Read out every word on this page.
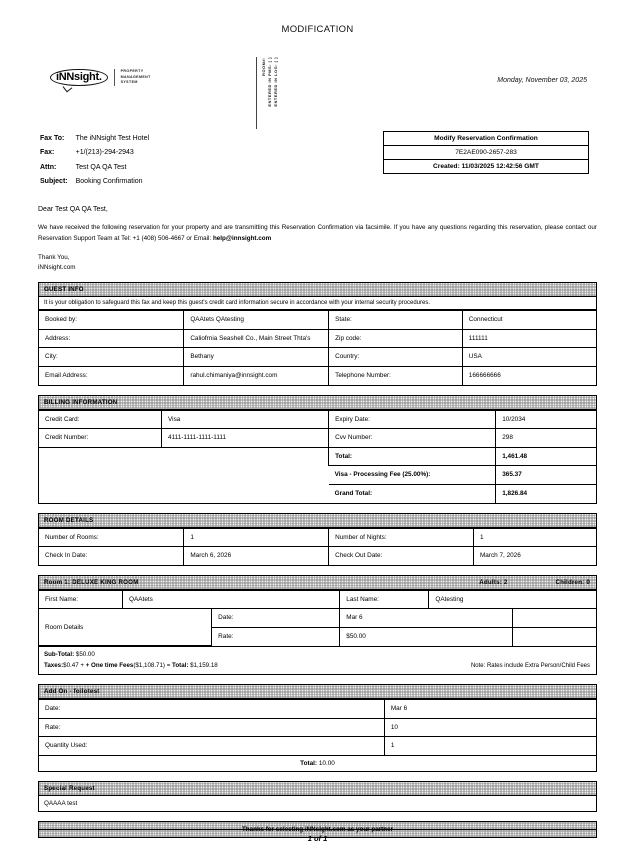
MODIFICATION
iNNsight.	PROPERTY
MANAGEMENT
SYSTEM
ROOM#: ENTERED IN PMS: [ ] ENTERED IN LOG: [ ]	Monday, November 03, 2025
Fax To:	The iNNsight Test Hotel
Fax:	+1/(213)-294-2943
Attn:	Test QA QA Test
Subject:	Booking Confirmation
Modify Reservation Confirmation
7E2AE090-2657-283
Created: 11/03/2025 12:42:56 GMT
Dear Test QA QA Test,
We have received the following reservation for your property and are transmitting this Reservation Confirmation via facsimile. If you have any questions regarding this reservation, please contact our Reservation Support Team at Tel: +1 (408) 506-4667 or Email: help@innsight.com
Thank You,
iNNsight.com
GUEST INFO
It is your obligation to safeguard this fax and keep this guest's credit card information secure in accordance with your internal security procedures.
Booked by:	QAAtets QAtesting	State:	Connecticut
Address:	Caliofrnia Seashell Co., Main Street Thta's	Zip code:	111111
City:	Bethany	Country:	USA
Email Address:	rahul.chimaniya@innsight.com	Telephone Number:	166666666
BILLING INFORMATION
Credit Card:	Visa	Expiry Date:	10/2034
Credit Number:	4111-1111-1111-1111	Cvv Number:	298
		Total:	1,461.48
		Visa - Processing Fee (25.00%):	365.37
		Grand Total:	1,826.84
ROOM DETAILS
Number of Rooms:	1	Number of Nights:	1
Check In Date:	March 6, 2026	Check Out Date:	March 7, 2026
Room 1: DELUXE KING ROOM	Adults: 2	Children: 0
First Name:	QAAtets	Last Name:	QAtesting
Room Details	Date:	Mar 6	
	Rate:	$50.00	
Sub-Total: $50.00
Taxes:$0.47 + + One time Fees($1,108.71) = Total: $1,159.18	Note: Rates include Extra Person/Child Fees
Add On - foilotest
Date:	Mar 6
Rate:	10
Quantity Used:	1
Total: 10.00
Special Request
QAAAA test
Thanks for selecting iNNsight.com as your partner
1 of 1
